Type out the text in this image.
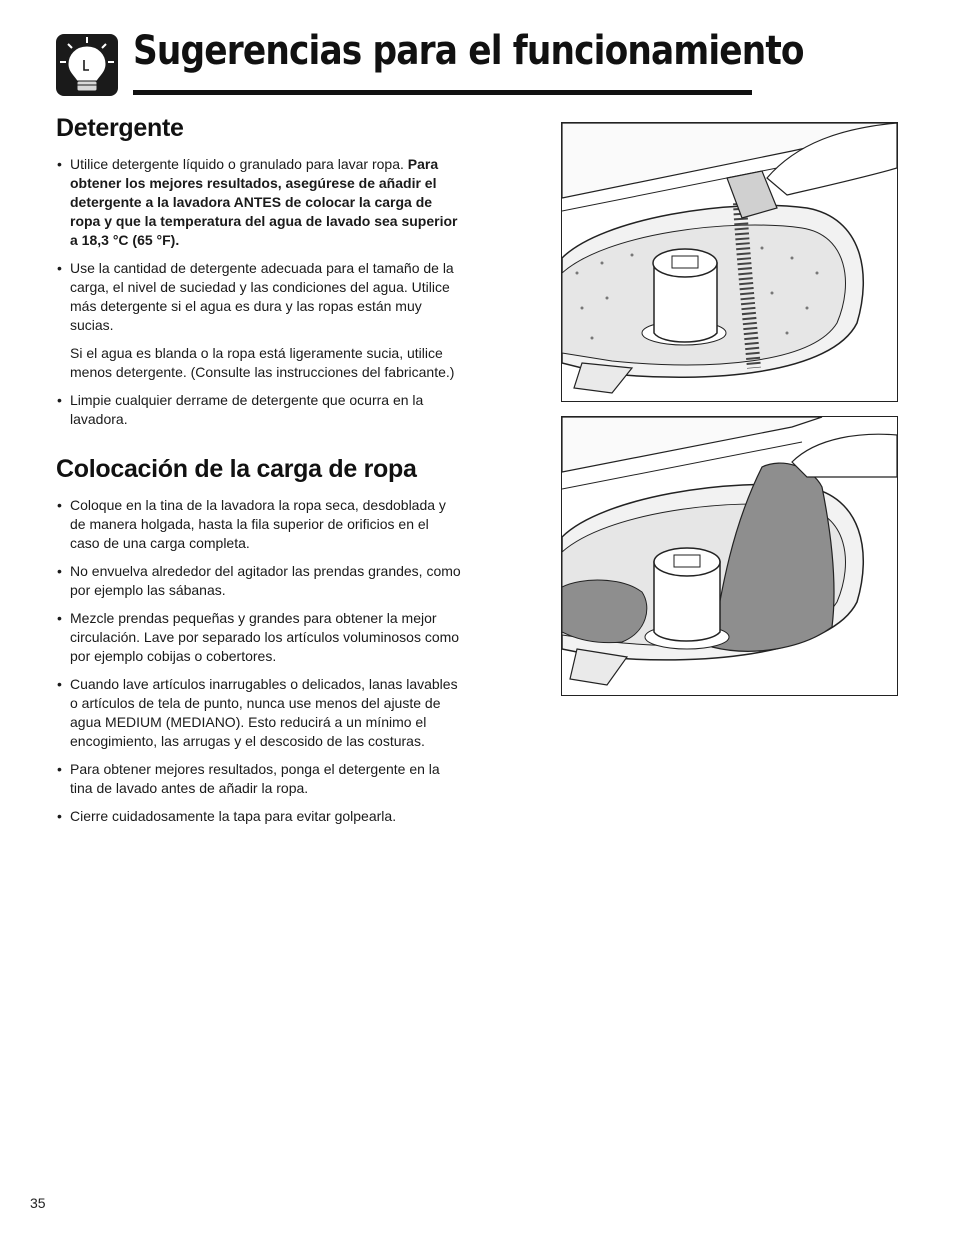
Sugerencias para el funcionamiento
Detergente
• Utilice detergente líquido o granulado para lavar ropa. Para obtener los mejores resultados, asegúrese de añadir el detergente a la lavadora ANTES de colocar la carga de ropa y que la temperatura del agua de lavado sea superior a 18,3 °C (65 °F).

• Use la cantidad de detergente adecuada para el tamaño de la carga, el nivel de suciedad y las condiciones del agua. Utilice más detergente si el agua es dura y las ropas están muy sucias.

Si el agua es blanda o la ropa está ligeramente sucia, utilice menos detergente. (Consulte las instrucciones del fabricante.)

• Limpie cualquier derrame de detergente que ocurra en la lavadora.
Colocación de la carga de ropa
• Coloque en la tina de la lavadora la ropa seca, desdoblada y de manera holgada, hasta la fila superior de orificios en el caso de una carga completa.
• No envuelva alrededor del agitador las prendas grandes, como por ejemplo las sábanas.
• Mezcle prendas pequeñas y grandes para obtener la mejor circulación. Lave por separado los artículos voluminosos como por ejemplo cobijas o cobertores.
• Cuando lave artículos inarrugables o delicados, lanas lavables o artículos de tela de punto, nunca use menos del ajuste de agua MEDIUM (MEDIANO). Esto reducirá a un mínimo el encogimiento, las arrugas y el descosido de las costuras.
• Para obtener mejores resultados, ponga el detergente en la tina de lavado antes de añadir la ropa.
• Cierre cuidadosamente la tapa para evitar golpearla.
35
